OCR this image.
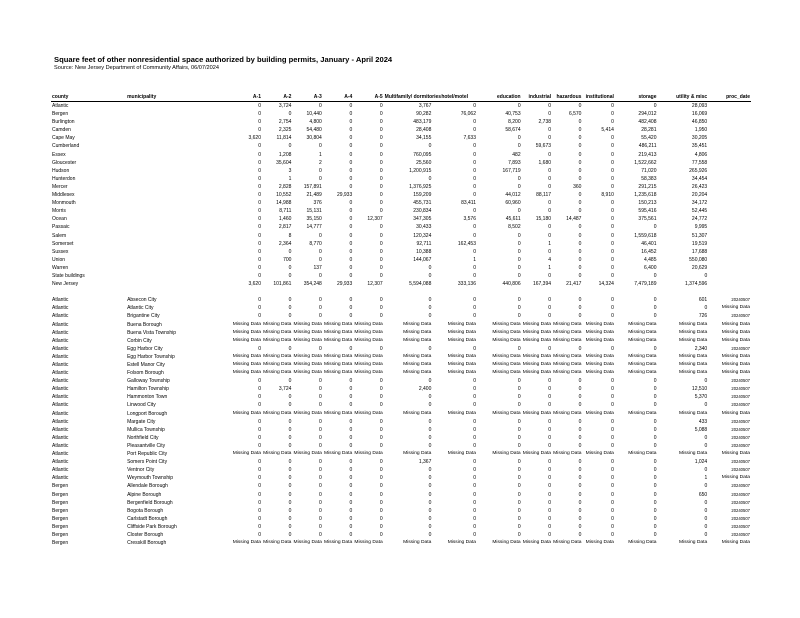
Square feet of other nonresidential space authorized by building permits, January - April 2024
Source: New Jersey Department of Community Affairs, 06/07/2024
county	municipality	A-1	A-2	A-3	A-4	A-5	Multifamily/ dormitories	hotel/motel	education	industrial	hazardous	institutional	storage	utility & misc	proc_date
Atlantic		0	3,724	0	0	0	3,767	0	0	0	0	0	0	28,093	
Bergen		0	0	10,440	0	0	90,282	76,062	40,753	0	6,570	0	294,012	16,069	
Burlington		0	2,754	4,800	0	0	483,179	0	8,200	2,738	0	0	482,408	46,850	
Camden		0	2,325	54,480	0	0	28,408	0	58,674	0	0	5,414	28,281	1,950	
Cape May		3,620	11,814	30,804	0	0	34,155	7,633	0	0	0	0	55,420	30,205	
Cumberland		0	0	0	0	0	0	0	0	59,673	0	0	486,211	35,451	
Essex		0	1,208	1	0	0	760,095	0	482	0	0	0	219,413	4,806	
Gloucester		0	35,604	2	0	0	25,560	0	7,893	1,680	0	0	1,522,662	77,558	
Hudson		0	3	0	0	0	1,200,915	0	167,719	0	0	0	71,020	265,926	
Hunterdon		0	1	0	0	0	0	0	0	0	0	0	58,383	34,454	
Mercer		0	2,828	157,891	0	0	1,376,925	0	0	0	360	0	291,215	26,423	
Middlesex		0	10,552	21,489	29,933	0	159,209	0	44,012	88,117	0	8,910	1,235,618	20,204	
Monmouth		0	14,988	376	0	0	455,731	83,411	60,960	0	0	0	150,213	34,172	
Morris		0	8,711	15,131	0	0	230,834	0	0	0	0	0	595,416	52,445	
Ocean		0	1,460	35,150	0	12,307	347,305	3,576	45,611	15,180	14,487	0	375,561	24,772	
Passaic		0	2,817	14,777	0	0	30,433	0	8,502	0	0	0	0	9,995	
Salem		0	8	0	0	0	120,324	0	0	0	0	0	1,559,618	51,307	
Somerset		0	2,364	8,770	0	0	92,711	162,453	0	1	0	0	46,401	19,519	
Sussex		0	0	0	0	0	10,388	0	0	0	0	0	16,452	17,688	
Union		0	700	0	0	0	144,067	1	0	4	0	0	4,485	550,080	
Warren		0	0	137	0	0	0	0	0	1	0	0	6,400	20,629	
State buildings		0	0	0	0	0	0	0	0	0	0	0	0	0	
New Jersey		3,620	101,861	354,248	29,933	12,307	5,594,088	333,136	440,806	167,394	21,417	14,324	7,479,189	1,374,596	

Atlantic	Absecon City	0	0	0	0	0	0	0	0	0	0	0	0	601	20240507
Atlantic	Atlantic City	0	0	0	0	0	0	0	0	0	0	0	0	0	Missing Data
Atlantic	Brigantine City	0	0	0	0	0	0	0	0	0	0	0	0	726	20240507
Atlantic	Buena Borough	Missing Data	Missing Data	Missing Data	Missing Data	Missing Data	Missing Data	Missing Data	Missing Data	Missing Data	Missing Data	Missing Data	Missing Data	Missing Data	Missing Data
Atlantic	Buena Vista Township	Missing Data	Missing Data	Missing Data	Missing Data	Missing Data	Missing Data	Missing Data	Missing Data	Missing Data	Missing Data	Missing Data	Missing Data	Missing Data	Missing Data
Atlantic	Corbin City	Missing Data	Missing Data	Missing Data	Missing Data	Missing Data	Missing Data	Missing Data	Missing Data	Missing Data	Missing Data	Missing Data	Missing Data	Missing Data	Missing Data
Atlantic	Egg Harbor City	0	0	0	0	0	0	0	0	0	0	0	0	2,340	20240507
Atlantic	Egg Harbor Township	Missing Data	Missing Data	Missing Data	Missing Data	Missing Data	Missing Data	Missing Data	Missing Data	Missing Data	Missing Data	Missing Data	Missing Data	Missing Data	Missing Data
Atlantic	Estell Manor City	Missing Data	Missing Data	Missing Data	Missing Data	Missing Data	Missing Data	Missing Data	Missing Data	Missing Data	Missing Data	Missing Data	Missing Data	Missing Data	Missing Data
Atlantic	Folsom Borough	Missing Data	Missing Data	Missing Data	Missing Data	Missing Data	Missing Data	Missing Data	Missing Data	Missing Data	Missing Data	Missing Data	Missing Data	Missing Data	Missing Data
Atlantic	Galloway Township	0	0	0	0	0	0	0	0	0	0	0	0	0	20240507
Atlantic	Hamilton Township	0	3,724	0	0	0	2,400	0	0	0	0	0	0	12,510	20240507
Atlantic	Hammonton Town	0	0	0	0	0	0	0	0	0	0	0	0	5,370	20240507
Atlantic	Linwood City	0	0	0	0	0	0	0	0	0	0	0	0	0	20240507
Atlantic	Longport Borough	Missing Data	Missing Data	Missing Data	Missing Data	Missing Data	Missing Data	Missing Data	Missing Data	Missing Data	Missing Data	Missing Data	Missing Data	Missing Data	Missing Data
Atlantic	Margate City	0	0	0	0	0	0	0	0	0	0	0	0	433	20240507
Atlantic	Mullica Township	0	0	0	0	0	0	0	0	0	0	0	0	5,088	20240507
Atlantic	Northfield City	0	0	0	0	0	0	0	0	0	0	0	0	0	20240507
Atlantic	Pleasantville City	0	0	0	0	0	0	0	0	0	0	0	0	0	20240507
Atlantic	Port Republic City	Missing Data	Missing Data	Missing Data	Missing Data	Missing Data	Missing Data	Missing Data	Missing Data	Missing Data	Missing Data	Missing Data	Missing Data	Missing Data	Missing Data
Atlantic	Somers Point City	0	0	0	0	0	1,367	0	0	0	0	0	0	1,024	20240507
Atlantic	Ventnor City	0	0	0	0	0	0	0	0	0	0	0	0	0	20240507
Atlantic	Weymouth Township	0	0	0	0	0	0	0	0	0	0	0	0	1	Missing Data
Bergen	Allendale Borough	0	0	0	0	0	0	0	0	0	0	0	0	0	20240507
Bergen	Alpine Borough	0	0	0	0	0	0	0	0	0	0	0	0	650	20240507
Bergen	Bergenfield Borough	0	0	0	0	0	0	0	0	0	0	0	0	0	20240507
Bergen	Bogota Borough	0	0	0	0	0	0	0	0	0	0	0	0	0	20240507
Bergen	Carlstadt Borough	0	0	0	0	0	0	0	0	0	0	0	0	0	20240507
Bergen	Cliffside Park Borough	0	0	0	0	0	0	0	0	0	0	0	0	0	20240507
Bergen	Closter Borough	0	0	0	0	0	0	0	0	0	0	0	0	0	20240507
Bergen	Cresskill Borough	Missing Data	Missing Data	Missing Data	Missing Data	Missing Data	Missing Data	Missing Data	Missing Data	Missing Data	Missing Data	Missing Data	Missing Data	Missing Data	Missing Data
